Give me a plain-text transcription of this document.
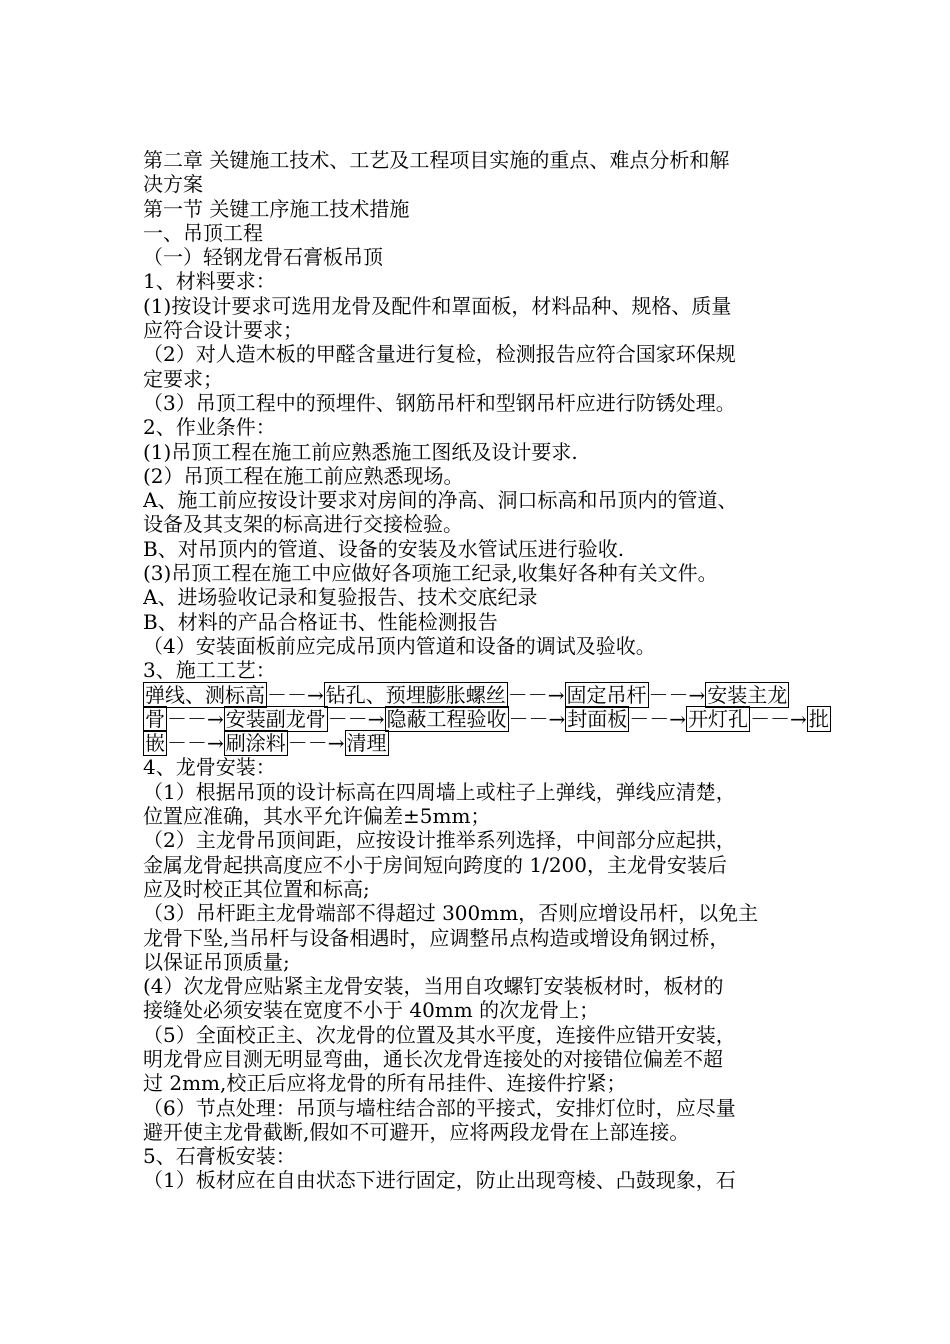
第二章 关键施工技术、工艺及工程项目实施的重点、难点分析和解
决方案
第一节 关键工序施工技术措施
一、吊顶工程
（一）轻钢龙骨石膏板吊顶
1、材料要求：
(1)按设计要求可选用龙骨及配件和罩面板，材料品种、规格、质量
应符合设计要求；
（2）对人造木板的甲醛含量进行复检，检测报告应符合国家环保规
定要求；
（3）吊顶工程中的预埋件、钢筋吊杆和型钢吊杆应进行防锈处理。
2、作业条件：
(1)吊顶工程在施工前应熟悉施工图纸及设计要求.
(2）吊顶工程在施工前应熟悉现场。
A、施工前应按设计要求对房间的净高、洞口标高和吊顶内的管道、
设备及其支架的标高进行交接检验。
B、对吊顶内的管道、设备的安装及水管试压进行验收.
(3)吊顶工程在施工中应做好各项施工纪录,收集好各种有关文件。
A、进场验收记录和复验报告、技术交底纪录
B、材料的产品合格证书、性能检测报告
（4）安装面板前应完成吊顶内管道和设备的调试及验收。
3、施工工艺：
弹线、测标高 －－→ 钻孔、预埋膨胀螺丝 －－→ 固定吊杆 －－→ 安装主龙
骨 －－→ 安装副龙骨 －－→ 隐蔽工程验收 －－→ 封面板 －－→ 开灯孔 －－→ 批
嵌 －－→ 刷涂料 －－→ 清理
4、龙骨安装：
（1）根据吊顶的设计标高在四周墙上或柱子上弹线，弹线应清楚，
位置应准确，其水平允许偏差±5mm；
（2）主龙骨吊顶间距，应按设计推举系列选择，中间部分应起拱，
金属龙骨起拱高度应不小于房间短向跨度的 1/200，主龙骨安装后
应及时校正其位置和标高;
（3）吊杆距主龙骨端部不得超过 300mm，否则应增设吊杆，以免主
龙骨下坠,当吊杆与设备相遇时，应调整吊点构造或增设角钢过桥，
以保证吊顶质量;
(4）次龙骨应贴紧主龙骨安装，当用自攻螺钉安装板材时，板材的
接缝处必须安装在宽度不小于 40mm 的次龙骨上；
（5）全面校正主、次龙骨的位置及其水平度，连接件应错开安装，
明龙骨应目测无明显弯曲，通长次龙骨连接处的对接错位偏差不超
过 2mm,校正后应将龙骨的所有吊挂件、连接件拧紧；
（6）节点处理：吊顶与墙柱结合部的平接式，安排灯位时，应尽量
避开使主龙骨截断,假如不可避开，应将两段龙骨在上部连接。
5、石膏板安装：
（1）板材应在自由状态下进行固定，防止出现弯棱、凸鼓现象，石
